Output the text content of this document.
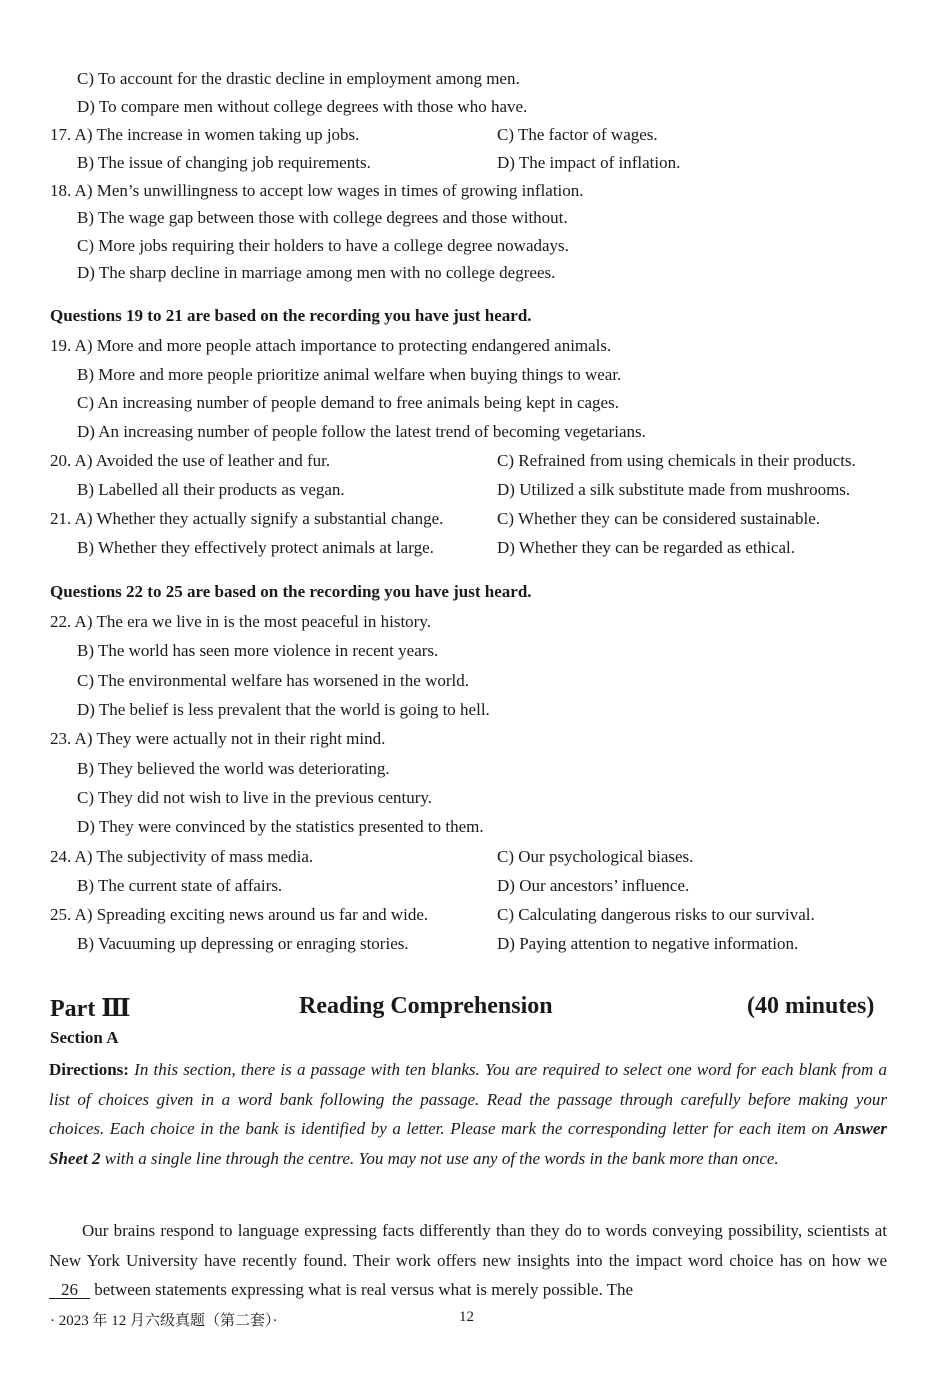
C) To account for the drastic decline in employment among men.
D) To compare men without college degrees with those who have.
17. A) The increase in women taking up jobs.	C) The factor of wages.
B) The issue of changing job requirements.	D) The impact of inflation.
18. A) Men’s unwillingness to accept low wages in times of growing inflation.
B) The wage gap between those with college degrees and those without.
C) More jobs requiring their holders to have a college degree nowadays.
D) The sharp decline in marriage among men with no college degrees.
Questions 19 to 21 are based on the recording you have just heard.
19. A) More and more people attach importance to protecting endangered animals.
B) More and more people prioritize animal welfare when buying things to wear.
C) An increasing number of people demand to free animals being kept in cages.
D) An increasing number of people follow the latest trend of becoming vegetarians.
20. A) Avoided the use of leather and fur.	C) Refrained from using chemicals in their products.
B) Labelled all their products as vegan.	D) Utilized a silk substitute made from mushrooms.
21. A) Whether they actually signify a substantial change.	C) Whether they can be considered sustainable.
B) Whether they effectively protect animals at large.	D) Whether they can be regarded as ethical.
Questions 22 to 25 are based on the recording you have just heard.
22. A) The era we live in is the most peaceful in history.
B) The world has seen more violence in recent years.
C) The environmental welfare has worsened in the world.
D) The belief is less prevalent that the world is going to hell.
23. A) They were actually not in their right mind.
B) They believed the world was deteriorating.
C) They did not wish to live in the previous century.
D) They were convinced by the statistics presented to them.
24. A) The subjectivity of mass media.	C) Our psychological biases.
B) The current state of affairs.	D) Our ancestors’ influence.
25. A) Spreading exciting news around us far and wide.	C) Calculating dangerous risks to our survival.
B) Vacuuming up depressing or enraging stories.	D) Paying attention to negative information.
Part Ⅲ	Reading Comprehension	(40 minutes)
Section A
Directions: In this section, there is a passage with ten blanks. You are required to select one word for each blank from a list of choices given in a word bank following the passage. Read the passage through carefully before making your choices. Each choice in the bank is identified by a letter. Please mark the corresponding letter for each item on Answer Sheet 2 with a single line through the centre. You may not use any of the words in the bank more than once.
Our brains respond to language expressing facts differently than they do to words conveying possibility, scientists at New York University have recently found. Their work offers new insights into the impact word choice has on how we 26 between statements expressing what is real versus what is merely possible. The
· 2023 年 12 月六级真题（第二套）·	12
